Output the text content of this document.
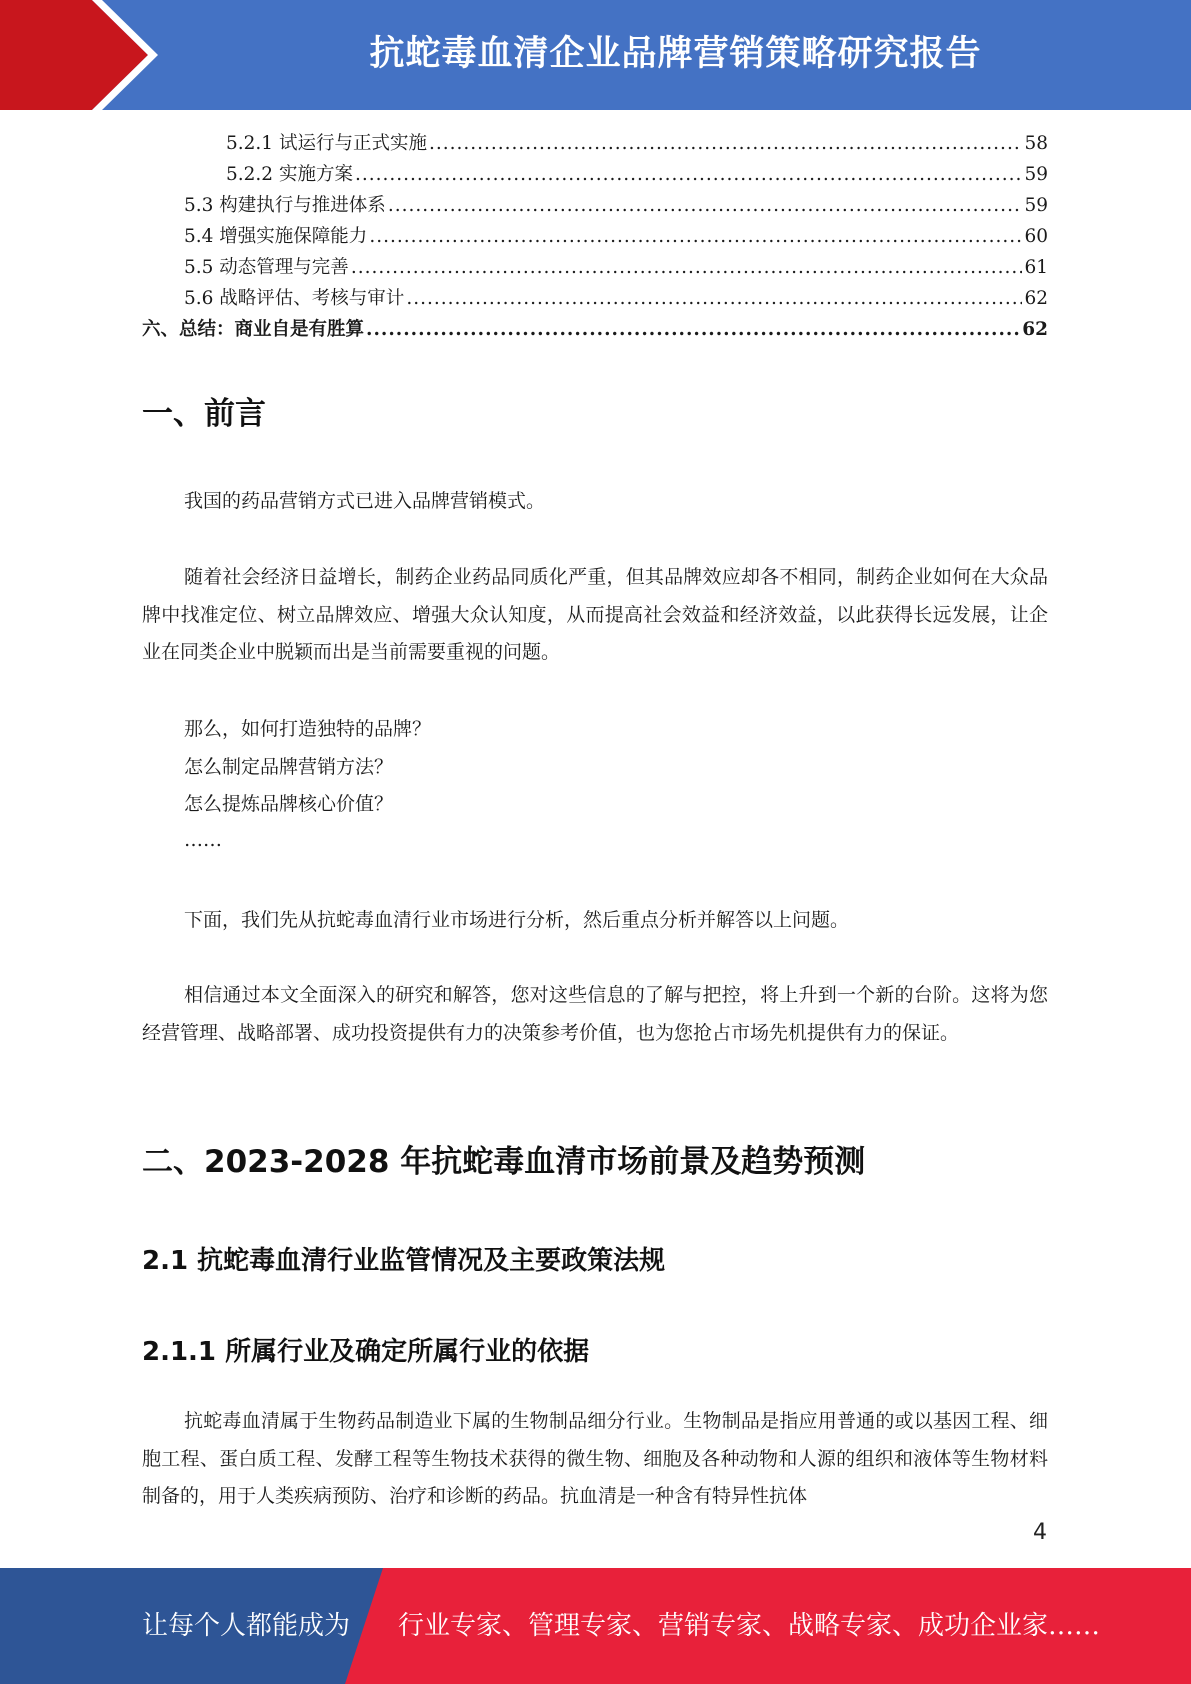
抗蛇毒血清企业品牌营销策略研究报告
5.2.1 试运行与正式实施 .....	58
5.2.2 实施方案 .....	59
5.3 构建执行与推进体系 .....	59
5.4 增强实施保障能力 .....	60
5.5 动态管理与完善 .....	61
5.6 战略评估、考核与审计 .....	62
六、总结：商业自是有胜算 .....	62
一、前言
我国的药品营销方式已进入品牌营销模式。
随着社会经济日益增长，制药企业药品同质化严重，但其品牌效应却各不相同，制药企业如何在大众品牌中找准定位、树立品牌效应、增强大众认知度，从而提高社会效益和经济效益，以此获得长远发展，让企业在同类企业中脱颖而出是当前需要重视的问题。
那么，如何打造独特的品牌？
怎么制定品牌营销方法？
怎么提炼品牌核心价值？
……
下面，我们先从抗蛇毒血清行业市场进行分析，然后重点分析并解答以上问题。
相信通过本文全面深入的研究和解答，您对这些信息的了解与把控，将上升到一个新的台阶。这将为您经营管理、战略部署、成功投资提供有力的决策参考价值，也为您抢占市场先机提供有力的保证。
二、2023-2028 年抗蛇毒血清市场前景及趋势预测
2.1 抗蛇毒血清行业监管情况及主要政策法规
2.1.1 所属行业及确定所属行业的依据
抗蛇毒血清属于生物药品制造业下属的生物制品细分行业。生物制品是指应用普通的或以基因工程、细胞工程、蛋白质工程、发酵工程等生物技术获得的微生物、细胞及各种动物和人源的组织和液体等生物材料制备的，用于人类疾病预防、治疗和诊断的药品。抗血清是一种含有特异性抗体
4
让每个人都能成为 行业专家、管理专家、营销专家、战略专家、成功企业家……
